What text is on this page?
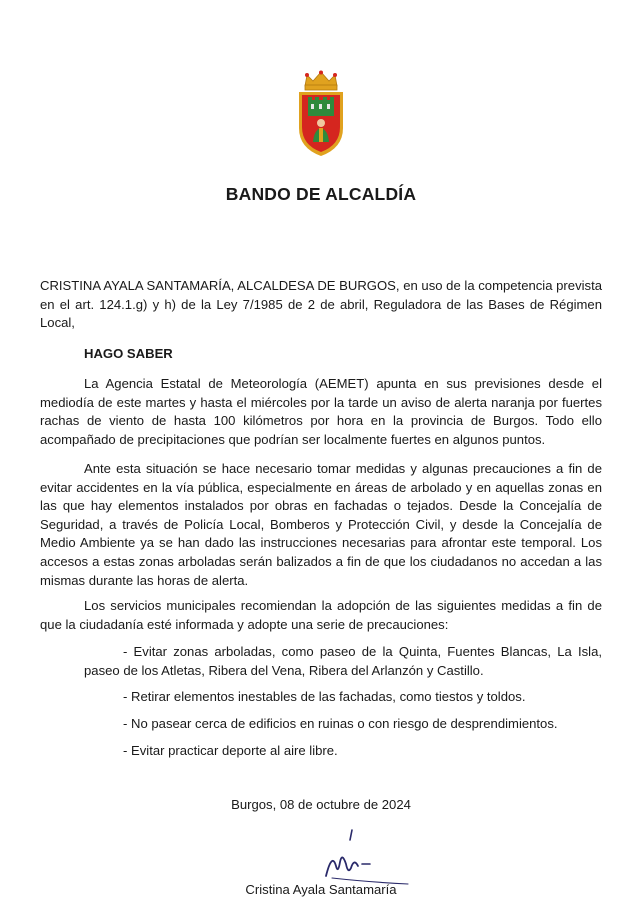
BANDO DE ALCALDÍA

CRISTINA AYALA SANTAMARÍA, ALCALDESA DE BURGOS, en uso de la competencia prevista en el art. 124.1.g) y h) de la Ley 7/1985 de 2 de abril, Reguladora de las Bases de Régimen Local,

HAGO SABER

La Agencia Estatal de Meteorología (AEMET) apunta en sus previsiones desde el mediodía de este martes y hasta el miércoles por la tarde un aviso de alerta naranja por fuertes rachas de viento de hasta 100 kilómetros por hora en la provincia de Burgos. Todo ello acompañado de precipitaciones que podrían ser localmente fuertes en algunos puntos.

Ante esta situación se hace necesario tomar medidas y algunas precauciones a fin de evitar accidentes en la vía pública, especialmente en áreas de arbolado y en aquellas zonas en las que hay elementos instalados por obras en fachadas o tejados. Desde la Concejalía de Seguridad, a través de Policía Local, Bomberos y Protección Civil, y desde la Concejalía de Medio Ambiente ya se han dado las instrucciones necesarias para afrontar este temporal. Los accesos a estas zonas arboladas serán balizados a fin de que los ciudadanos no accedan a las mismas durante las horas de alerta.

Los servicios municipales recomiendan la adopción de las siguientes medidas a fin de que la ciudadanía esté informada y adopte una serie de precauciones:

- Evitar zonas arboladas, como paseo de la Quinta, Fuentes Blancas, La Isla, paseo de los Atletas, Ribera del Vena, Ribera del Arlanzón y Castillo.

- Retirar elementos inestables de las fachadas, como tiestos y toldos.

- No pasear cerca de edificios en ruinas o con riesgo de desprendimientos.

- Evitar practicar deporte al aire libre.

Burgos, 08 de octubre de 2024
Cristina Ayala Santamaría
